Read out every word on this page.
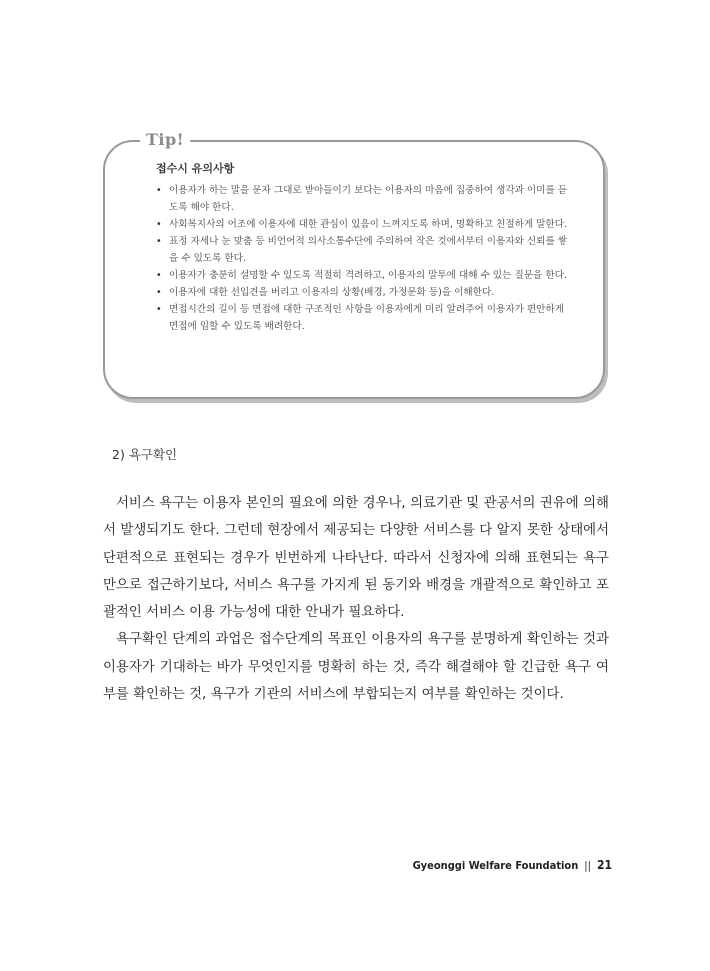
Tip!
접수시 유의사항
• 이용자가 하는 말을 문자 그대로 받아들이기 보다는 이용자의 마음에 집중하여 생각과 이미를 듣도록 해야 한다.
• 사회복지사의 어조에 이용자에 대한 관심이 있음이 느껴지도록 하며, 명확하고 친절하게 말한다.
• 표정 자세나 눈 맞춤 등 비언어적 의사소통수단에 주의하여 작은 것에서부터 이용자와 신뢰를 쌓을 수 있도록 한다.
• 이용자가 충분히 설명할 수 있도록 적절히 격려하고, 이용자의 말투에 대해 수 있는 질문을 한다.
• 이용자에 대한 선입견을 버리고 이용자의 상황(배경, 가정문화 등)을 이해한다.
• 면접시간의 길이 등 면접에 대한 구조적인 사항을 이용자에게 미리 알려주어 이용자가 편안하게 면접에 임할 수 있도록 배려한다.
2) 욕구확인

서비스 욕구는 이용자 본인의 필요에 의한 경우나, 의료기관 및 관공서의 권유에 의해서 발생되기도 한다. 그런데 현장에서 제공되는 다양한 서비스를 다 알지 못한 상태에서 단편적으로 표현되는 경우가 빈번하게 나타난다. 따라서 신청자에 의해 표현되는 욕구만으로 접근하기보다, 서비스 욕구를 가지게 된 동기와 배경을 개괄적으로 확인하고 포괄적인 서비스 이용 가능성에 대한 안내가 필요하다.

욕구확인 단계의 과업은 접수단계의 목표인 이용자의 욕구를 분명하게 확인하는 것과 이용자가 기대하는 바가 무엇인지를 명확히 하는 것, 즉각 해결해야 할 긴급한 욕구 여부를 확인하는 것, 욕구가 기관의 서비스에 부합되는지 여부를 확인하는 것이다.

Gyeonggi Welfare Foundation || 21
